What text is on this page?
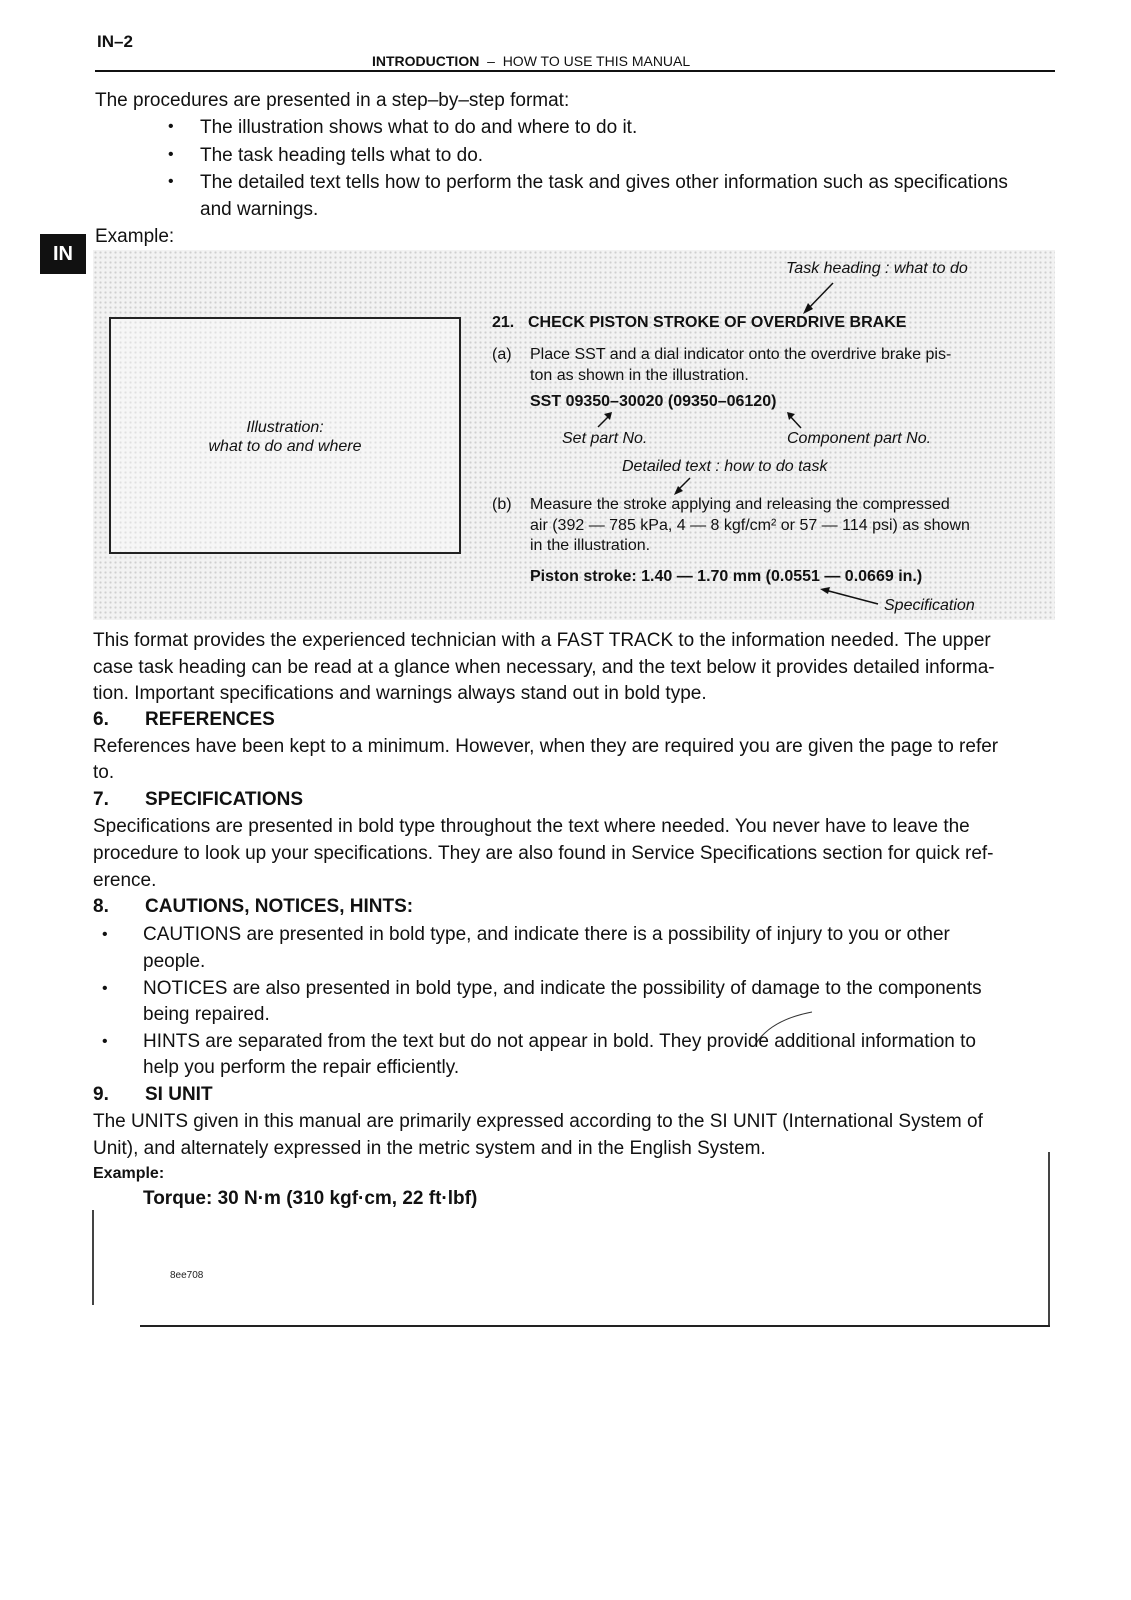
IN–2
INTRODUCTION – HOW TO USE THIS MANUAL
IN
The procedures are presented in a step–by–step format:
• The illustration shows what to do and where to do it.
• The task heading tells what to do.
• The detailed text tells how to perform the task and gives other information such as specifications
and warnings.
Example:
Illustration:
what to do and where
Task heading : what to do
21. CHECK PISTON STROKE OF OVERDRIVE BRAKE
(a) Place SST and a dial indicator onto the overdrive brake pis-
ton as shown in the illustration.
SST 09350–30020 (09350–06120)
Set part No.	Component part No.
Detailed text : how to do task
(b) Measure the stroke applying and releasing the compressed
air (392 — 785 kPa, 4 — 8 kgf/cm² or 57 — 114 psi) as shown
in the illustration.
Piston stroke: 1.40 — 1.70 mm (0.0551 — 0.0669 in.)
Specification
This format provides the experienced technician with a FAST TRACK to the information needed. The upper
case task heading can be read at a glance when necessary, and the text below it provides detailed informa-
tion. Important specifications and warnings always stand out in bold type.
6. REFERENCES
References have been kept to a minimum. However, when they are required you are given the page to refer
to.
7. SPECIFICATIONS
Specifications are presented in bold type throughout the text where needed. You never have to leave the
procedure to look up your specifications. They are also found in Service Specifications section for quick ref-
erence.
8. CAUTIONS, NOTICES, HINTS:
• CAUTIONS are presented in bold type, and indicate there is a possibility of injury to you or other
people.
• NOTICES are also presented in bold type, and indicate the possibility of damage to the components
being repaired.
• HINTS are separated from the text but do not appear in bold. They provide additional information to
help you perform the repair efficiently.
9. SI UNIT
The UNITS given in this manual are primarily expressed according to the SI UNIT (International System of
Unit), and alternately expressed in the metric system and in the English System.
Example:
Torque: 30 N·m (310 kgf·cm, 22 ft·lbf)
8ee708
